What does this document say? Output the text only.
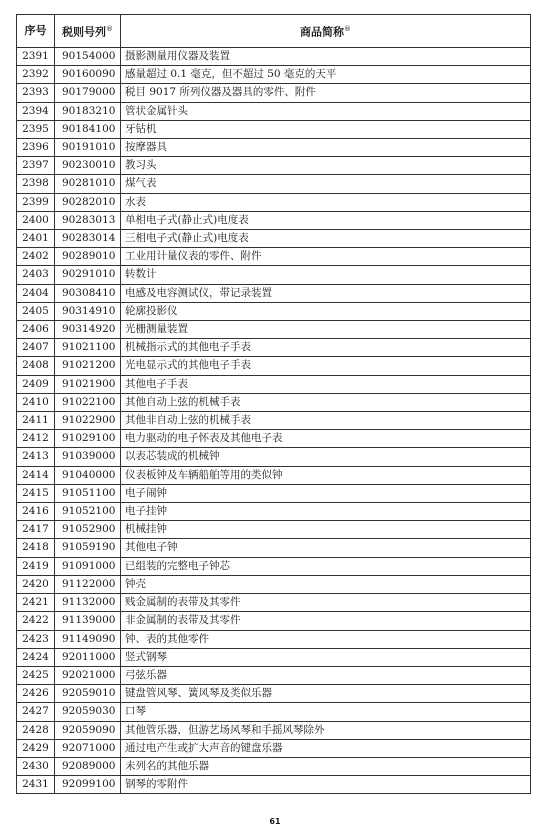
序号	税则号列®	商品简称®
2391	90154000	摄影测量用仪器及装置
2392	90160090	感量超过 0.1 毫克，但不超过 50 毫克的天平
2393	90179000	税目 9017 所列仪器及器具的零件、附件
2394	90183210	管状金属针头
2395	90184100	牙钻机
2396	90191010	按摩器具
2397	90230010	教习头
2398	90281010	煤气表
2399	90282010	水表
2400	90283013	单相电子式(静止式)电度表
2401	90283014	三相电子式(静止式)电度表
2402	90289010	工业用计量仪表的零件、附件
2403	90291010	转数计
2404	90308410	电感及电容测试仪，带记录装置
2405	90314910	轮廓投影仪
2406	90314920	光栅测量装置
2407	91021100	机械指示式的其他电子手表
2408	91021200	光电显示式的其他电子手表
2409	91021900	其他电子手表
2410	91022100	其他自动上弦的机械手表
2411	91022900	其他非自动上弦的机械手表
2412	91029100	电力驱动的电子怀表及其他电子表
2413	91039000	以表芯装成的机械钟
2414	91040000	仪表板钟及车辆船舶等用的类似钟
2415	91051100	电子闹钟
2416	91052100	电子挂钟
2417	91052900	机械挂钟
2418	91059190	其他电子钟
2419	91091000	已组装的完整电子钟芯
2420	91122000	钟壳
2421	91132000	贱金属制的表带及其零件
2422	91139000	非金属制的表带及其零件
2423	91149090	钟、表的其他零件
2424	92011000	竖式钢琴
2425	92021000	弓弦乐器
2426	92059010	键盘管风琴、簧风琴及类似乐器
2427	92059030	口琴
2428	92059090	其他管乐器，但游艺场风琴和手摇风琴除外
2429	92071000	通过电产生或扩大声音的键盘乐器
2430	92089000	未列名的其他乐器
2431	92099100	钢琴的零附件
61
